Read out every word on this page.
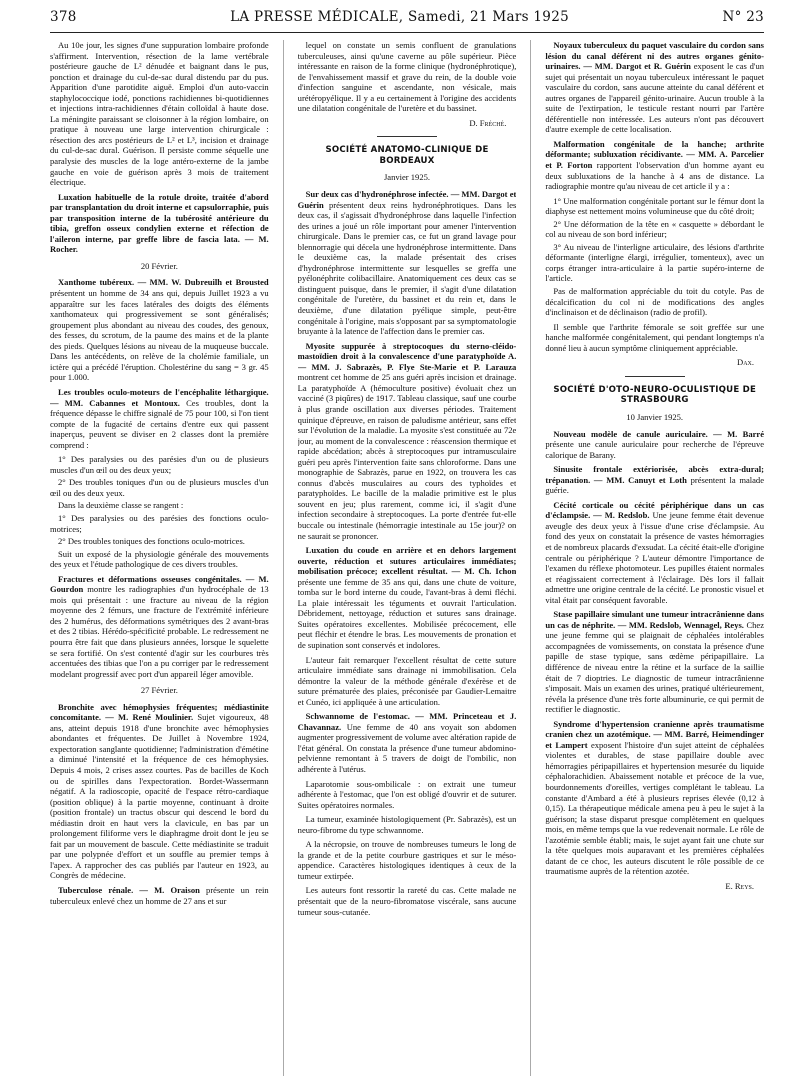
378	LA PRESSE MÉDICALE, Samedi, 21 Mars 1925	N° 23

Au 10e jour, les signes d'une suppuration lombaire profonde s'affirment. Intervention, résection de la lame vertébrale postérieure gauche de L² dénudée et baignant dans le pus, ponction et drainage du cul-de-sac dural distendu par du pus. Apparition d'une parotidite aiguë. Emploi d'un auto-vaccin staphylococcique iodé, ponctions rachidiennes bi-quotidiennes et injections intra-rachidiennes d'étain colloïdal à haute dose. La méningite paraissant se cloisonner à la région lombaire, on pratique à nouveau une large intervention chirurgicale : résection des arcs postérieurs de L² et L³, incision et drainage du cul-de-sac dural. Guérison. Il persiste comme séquelle une paralysie des muscles de la loge antéro-externe de la jambe gauche en voie de guérison après 3 mois de traitement électrique.

Luxation habituelle de la rotule droite, traitée d'abord par transplantation du droit interne et capsulorraphie, puis par transposition interne de la tubérosité antérieure du tibia, greffon osseux condylien externe et réfection de l'aileron interne, par greffe libre de fascia lata. — M. Rocher.

20 Février.

Xanthome tubéreux. — MM. W. Dubreuilh et Brousted présentent un homme de 34 ans qui, depuis Juillet 1923 a vu apparaître sur les faces latérales des doigts des éléments xanthomateux qui progressivement se sont généralisés; groupement plus abondant au niveau des coudes, des genoux, des fesses, du scrotum, de la paume des mains et de la plante des pieds. Quelques lésions au niveau de la muqueuse buccale. Dans les antécédents, on relève de la cholémie familiale, un ictère qui a précédé l'éruption. Cholestérine du sang = 3 gr. 45 pour 1.000.

Les troubles oculo-moteurs de l'encéphalite léthargique. — MM. Cabannes et Montoux. Ces troubles, dont la fréquence dépasse le chiffre signalé de 75 pour 100, si l'on tient compte de la fugacité de certains d'entre eux qui passent inaperçus, peuvent se diviser en 2 classes dont la première comprend :

1° Des paralysies ou des parésies d'un ou de plusieurs muscles d'un œil ou des deux yeux;

2° Des troubles toniques d'un ou de plusieurs muscles d'un œil ou des deux yeux.

Dans la deuxième classe se rangent :

1° Des paralysies ou des parésies des fonctions oculo-motrices;

2° Des troubles toniques des fonctions oculo-motrices.

Suit un exposé de la physiologie générale des mouvements des yeux et l'étude pathologique de ces divers troubles.

Fractures et déformations osseuses congénitales. — M. Gourdon montre les radiographies d'un hydrocéphale de 13 mois qui présentait : une fracture au niveau de la région moyenne des 2 fémurs, une fracture de l'extrémité inférieure des 2 humérus, des déformations symétriques des 2 avant-bras et des 2 tibias. Hérédo-spécificité probable. Le redressement ne pourra être fait que dans plusieurs années, lorsque le squelette se sera fortifié. On s'est contenté d'agir sur les courbures très accentuées des tibias que l'on a pu corriger par le redressement modelant progressif avec port d'un appareil léger amovible.

27 Février.

Bronchite avec hémophysies fréquentes; médiastinite concomitante. — M. René Moulinier. Sujet vigoureux, 48 ans, atteint depuis 1918 d'une bronchite avec hémophysies abondantes et fréquentes. De Juillet à Novembre 1924, expectoration sanglante quotidienne; l'administration d'émétine a diminué l'intensité et la fréquence de ces hémophysies. Depuis 4 mois, 2 crises assez courtes. Pas de bacilles de Koch ou de spirilles dans l'expectoration. Bordet-Wassermann négatif. A la radioscopie, opacité de l'espace rétro-cardiaque (position oblique) à la partie moyenne, continuant à droite (position frontale) un tractus obscur qui descend le bord du médiastin droit en haut vers la clavicule, en bas par un prolongement filiforme vers le diaphragme droit dont le jeu se fait par un mouvement de bascule. Cette médiastinite se traduit par une polypnée d'effort et un souffle au premier temps à l'apex. A rapprocher des cas publiés par l'auteur en 1923, au Congrès de médecine.

Tuberculose rénale. — M. Oraison présente un rein tuberculeux enlevé chez un homme de 27 ans et sur

lequel on constate un semis confluent de granulations tuberculeuses, ainsi qu'une caverne au pôle supérieur. Pièce intéressante en raison de la forme clinique (hydronéphrotique), de l'envahissement massif et grave du rein, de la double voie d'infection sanguine et ascendante, non vésicale, mais urétéropyélique. Il y a eu certainement à l'origine des accidents une dilatation congénitale de l'uretère et du bassinet.

D. Fréché.

SOCIÉTÉ ANATOMO-CLINIQUE DE BORDEAUX

Janvier 1925.

Sur deux cas d'hydronéphrose infectée. — MM. Dargot et Guérin présentent deux reins hydronéphrotiques. Dans les deux cas, il s'agissait d'hydronéphrose dans laquelle l'infection des urines a joué un rôle important pour amener l'intervention chirurgicale. Dans le premier cas, ce fut un grand lavage pour blennorragie qui décela une hydronéphrose intermittente. Dans le deuxième cas, la malade présentait des crises d'hydronéphrose intermittente sur lesquelles se greffa une pyélonéphrite colibacillaire. Anatomiquement ces deux cas se distinguent puisque, dans le premier, il s'agit d'une dilatation congénitale de l'uretère, du bassinet et du rein et, dans le deuxième, d'une dilatation pyélique simple, peut-être congénitale à l'origine, mais s'opposant par sa symptomatologie bruyante à la latence de l'affection dans le premier cas.

Myosite suppurée à streptocoques du sterno-cléido-mastoïdien droit à la convalescence d'une paratyphoïde A. — MM. J. Sabrazès, P. Flye Ste-Marie et P. Larauza montrent cet homme de 25 ans guéri après incision et drainage. La paratyphoïde A (hémoculture positive) évoluait chez un vacciné (3 piqûres) de 1917. Tableau classique, sauf une courbe à plus grande oscillation aux diverses périodes. Traitement quinique d'épreuve, en raison de paludisme antérieur, sans effet sur l'évolution de la maladie. La myosite s'est constituée au 72e jour, au moment de la convalescence : réascension thermique et rapide abcédation; abcès à streptocoques pur intramusculaire guéri peu après l'intervention faite sans chloroforme. Dans une monographie de Sabrazès, parue en 1922, on trouvera les cas connus d'abcès musculaires au cours des typhoïdes et paratyphoïdes. Le bacille de la maladie primitive est le plus souvent en jeu; plus rarement, comme ici, il s'agit d'une infection secondaire à streptocoques. La porte d'entrée fut-elle buccale ou intestinale (hémorragie intestinale au 15e jour)? on ne saurait se prononcer.

Luxation du coude en arrière et en dehors largement ouverte, réduction et sutures articulaires immédiates; mobilisation précoce; excellent résultat. — M. Ch. Ichon présente une femme de 35 ans qui, dans une chute de voiture, tomba sur le bord interne du coude, l'avant-bras à demi fléchi. La plaie intéressait les téguments et ouvrait l'articulation. Débridement, nettoyage, réduction et sutures sans drainage. Suites opératoires excellentes. Mobilisée précocement, elle peut fléchir et étendre le bras. Les mouvements de pronation et de supination sont conservés et indolores.

L'auteur fait remarquer l'excellent résultat de cette suture articulaire immédiate sans drainage ni immobilisation. Cela démontre la valeur de la méthode générale d'exérèse et de suture prématurée des plaies, préconisée par Gaudier-Lemaitre et Cunéo, ici appliquée à une articulation.

Schwannome de l'estomac. — MM. Princeteau et J. Chavannaz. Une femme de 40 ans voyait son abdomen augmenter progressivement de volume avec altération rapide de l'état général. On constata la présence d'une tumeur abdomino-pelvienne remontant à 5 travers de doigt de l'ombilic, non adhérente à l'utérus.

Laparotomie sous-ombilicale : on extrait une tumeur adhérente à l'estomac, que l'on est obligé d'ouvrir et de suturer. Suites opératoires normales.

La tumeur, examinée histologiquement (Pr. Sabrazès), est un neuro-fibrome du type schwannome.

A la nécropsie, on trouve de nombreuses tumeurs le long de la grande et de la petite courbure gastriques et sur le méso-appendice. Caractères histologiques identiques à ceux de la tumeur extirpée.

Les auteurs font ressortir la rareté du cas. Cette malade ne présentait que de la neuro-fibromatose viscérale, sans aucune tumeur sous-cutanée.

Noyaux tuberculeux du paquet vasculaire du cordon sans lésion du canal déférent ni des autres organes génito-urinaires. — MM. Dargot et R. Guérin exposent le cas d'un sujet qui présentait un noyau tuberculeux intéressant le paquet vasculaire du cordon, sans aucune atteinte du canal déférent et autres organes de l'appareil génito-urinaire. Aucun trouble à la suite de l'extirpation, le testicule restant nourri par l'artère déférentielle non intéressée. Les auteurs n'ont pas découvert d'autre exemple de cette localisation.

Malformation congénitale de la hanche; arthrite déformante; subluxation récidivante. — MM. A. Parcelier et P. Forton rapportent l'observation d'un homme ayant eu deux subluxations de la hanche à 4 ans de distance. La radiographie montre qu'au niveau de cet article il y a :

1° Une malformation congénitale portant sur le fémur dont la diaphyse est nettement moins volumineuse que du côté droit;

2° Une déformation de la tête en « casquette » débordant le col au niveau de son bord inférieur;

3° Au niveau de l'interligne articulaire, des lésions d'arthrite déformante (interligne élargi, irrégulier, tomenteux), avec un corps étranger intra-articulaire à la partie supéro-interne de l'article.

Pas de malformation appréciable du toit du cotyle. Pas de décalcification du col ni de modifications des angles d'inclinaison et de déclinaison (radio de profil).

Il semble que l'arthrite fémorale se soit greffée sur une hanche malformée congénitalement, qui pendant longtemps n'a donné lieu à aucun symptôme cliniquement appréciable.

Dax.

SOCIÉTÉ D'OTO-NEURO-OCULISTIQUE DE STRASBOURG

10 Janvier 1925.

Nouveau modèle de canule auriculaire. — M. Barré présente une canule auriculaire pour recherche de l'épreuve calorique de Barany.

Sinusite frontale extériorisée, abcès extra-dural; trépanation. — MM. Canuyt et Loth présentent la malade guérie.

Cécité corticale ou cécité périphérique dans un cas d'éclampsie. — M. Redslob. Une jeune femme était devenue aveugle des deux yeux à l'issue d'une crise d'éclampsie. Au fond des yeux on constatait la présence de vastes hémorragies et de nombreux placards d'exsudat. La cécité était-elle d'origine centrale ou périphérique ? L'auteur démontre l'importance de l'examen du réflexe photomoteur. Les pupilles étaient normales et réagissaient correctement à l'éclairage. Dès lors il fallait admettre une origine centrale de la cécité. Le pronostic visuel et vital était par conséquent favorable.

Stase papillaire simulant une tumeur intracrânienne dans un cas de néphrite. — MM. Redslob, Wennagel, Reys. Chez une jeune femme qui se plaignait de céphalées intolérables accompagnées de vomissements, on constata la présence d'une papille de stase typique, sans œdème péripapillaire. La différence de niveau entre la rétine et la surface de la saillie était de 7 dioptries. Le diagnostic de tumeur intracrânienne s'imposait. Mais un examen des urines, pratiqué ultérieurement, révéla la présence d'une très forte albuminurie, ce qui permit de rectifier le diagnostic.

Syndrome d'hypertension cranienne après traumatisme cranien chez un azotémique. — MM. Barré, Heimendinger et Lampert exposent l'histoire d'un sujet atteint de céphalées violentes et durables, de stase papillaire double avec hémorragies péripapillaires et hypertension mesurée du liquide céphalorachidien. Abaissement notable et précoce de la vue, bourdonnements d'oreilles, vertiges complétant le tableau. La constante d'Ambard a été à plusieurs reprises élevée (0,12 à 0,15). La thérapeutique médicale amena peu à peu le sujet à la guérison; la stase disparut presque complètement en quelques mois, en même temps que la vue redevenait normale. Le rôle de l'azotémie semble établi; mais, le sujet ayant fait une chute sur la tête quelques mois auparavant et les premières céphalées datant de ce choc, les auteurs discutent le rôle possible de ce traumatisme auprès de la rétention azotée.

E. Reys.
